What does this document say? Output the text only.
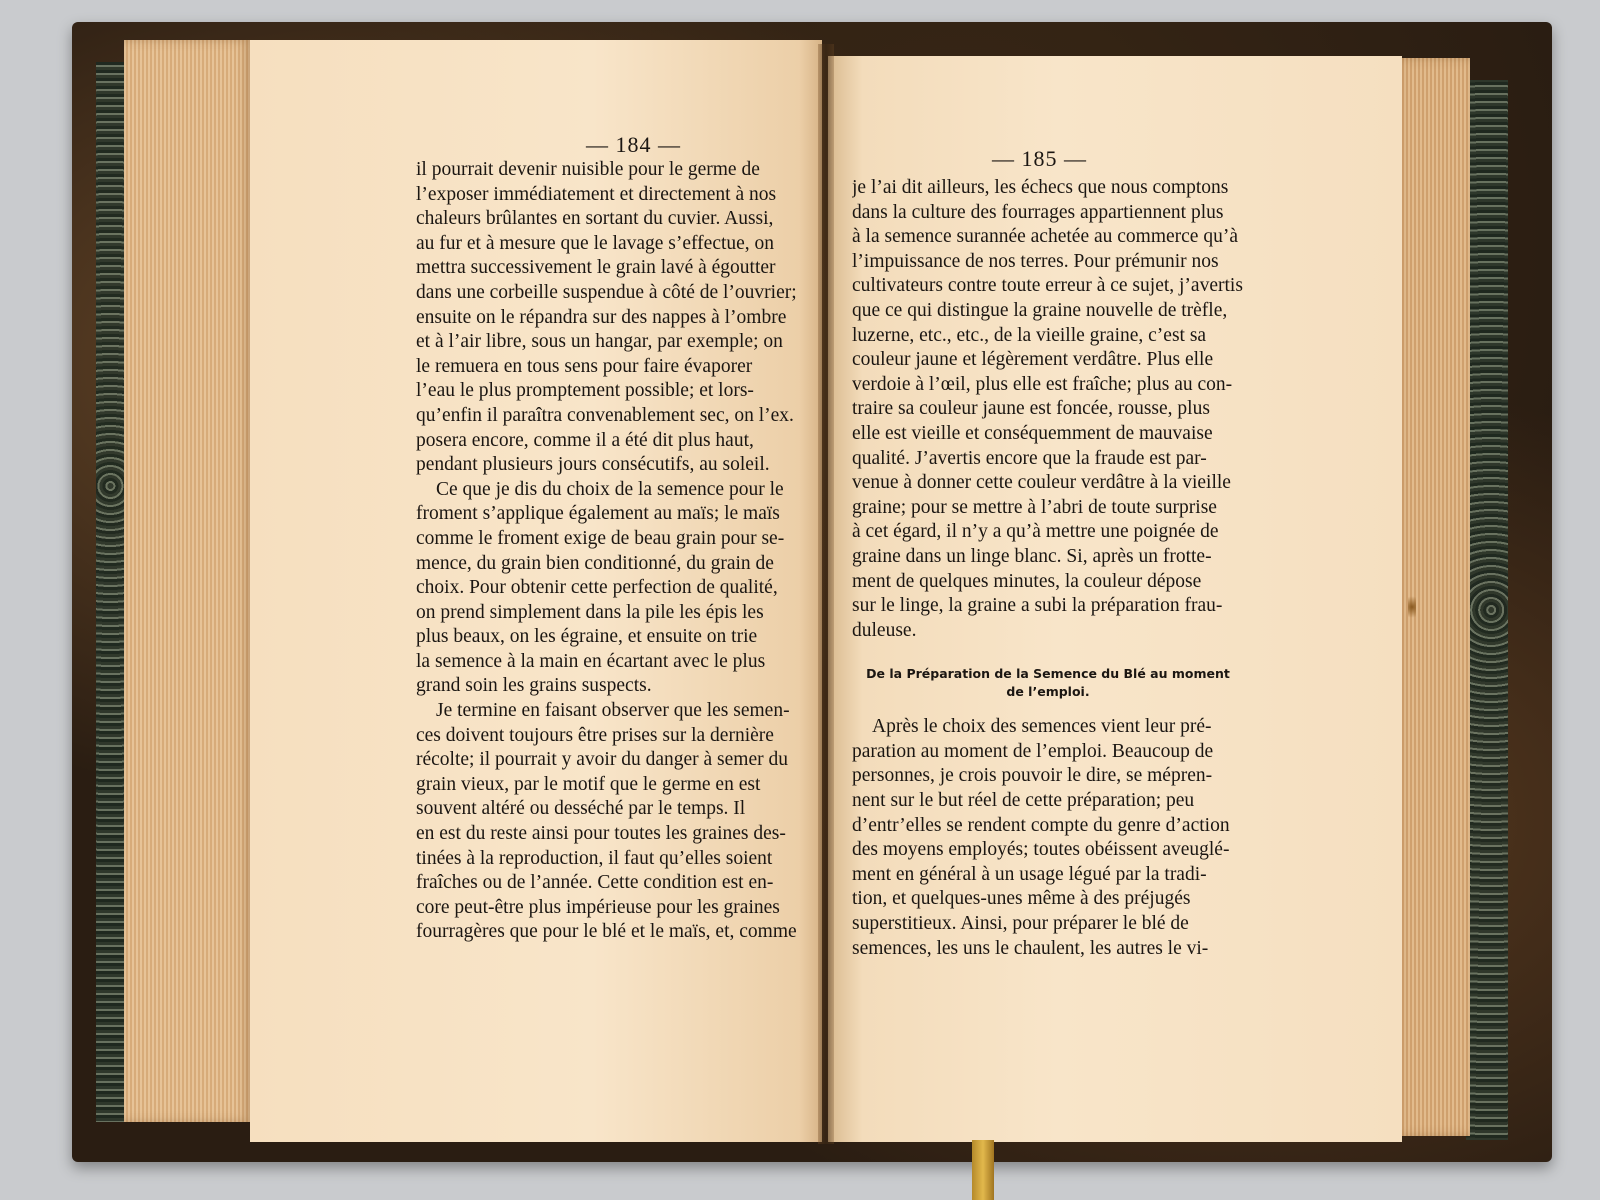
— 184 —
il pourrait devenir nuisible pour le germe de
l’exposer immédiatement et directement à nos
chaleurs brûlantes en sortant du cuvier. Aussi,
au fur et à mesure que le lavage s’effectue, on
mettra successivement le grain lavé à égoutter
dans une corbeille suspendue à côté de l’ouvrier;
ensuite on le répandra sur des nappes à l’ombre
et à l’air libre, sous un hangar, par exemple; on
le remuera en tous sens pour faire évaporer
l’eau le plus promptement possible; et lors-
qu’enfin il paraîtra convenablement sec, on l’ex.
posera encore, comme il a été dit plus haut,
pendant plusieurs jours consécutifs, au soleil.
Ce que je dis du choix de la semence pour le
froment s’applique également au maïs; le maïs
comme le froment exige de beau grain pour se-
mence, du grain bien conditionné, du grain de
choix. Pour obtenir cette perfection de qualité,
on prend simplement dans la pile les épis les
plus beaux, on les égraine, et ensuite on trie
la semence à la main en écartant avec le plus
grand soin les grains suspects.
Je termine en faisant observer que les semen-
ces doivent toujours être prises sur la dernière
récolte; il pourrait y avoir du danger à semer du
grain vieux, par le motif que le germe en est
souvent altéré ou desséché par le temps. Il
en est du reste ainsi pour toutes les graines des-
tinées à la reproduction, il faut qu’elles soient
fraîches ou de l’année. Cette condition est en-
core peut-être plus impérieuse pour les graines
fourragères que pour le blé et le maïs, et, comme
— 185 —
je l’ai dit ailleurs, les échecs que nous comptons
dans la culture des fourrages appartiennent plus
à la semence surannée achetée au commerce qu’à
l’impuissance de nos terres. Pour prémunir nos
cultivateurs contre toute erreur à ce sujet, j’avertis
que ce qui distingue la graine nouvelle de trèfle,
luzerne, etc., etc., de la vieille graine, c’est sa
couleur jaune et légèrement verdâtre. Plus elle
verdoie à l’œil, plus elle est fraîche; plus au con-
traire sa couleur jaune est foncée, rousse, plus
elle est vieille et conséquemment de mauvaise
qualité. J’avertis encore que la fraude est par-
venue à donner cette couleur verdâtre à la vieille
graine; pour se mettre à l’abri de toute surprise
à cet égard, il n’y a qu’à mettre une poignée de
graine dans un linge blanc. Si, après un frotte-
ment de quelques minutes, la couleur dépose
sur le linge, la graine a subi la préparation frau-
duleuse.
De la Préparation de la Semence du Blé au moment
de l’emploi.
Après le choix des semences vient leur pré-
paration au moment de l’emploi. Beaucoup de
personnes, je crois pouvoir le dire, se mépren-
nent sur le but réel de cette préparation; peu
d’entr’elles se rendent compte du genre d’action
des moyens employés; toutes obéissent aveuglé-
ment en général à un usage légué par la tradi-
tion, et quelques-unes même à des préjugés
superstitieux. Ainsi, pour préparer le blé de
semences, les uns le chaulent, les autres le vi-
